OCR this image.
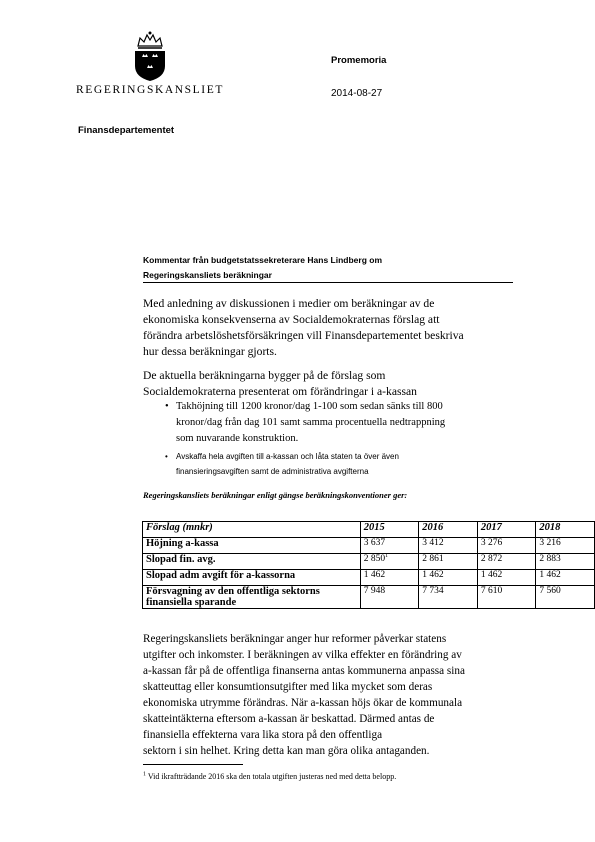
REGERINGSKANSLIET
Promemoria
2014-08-27
Finansdepartementet
Kommentar från budgetstatssekreterare Hans Lindberg om
Regeringskansliets beräkningar
Med anledning av diskussionen i medier om beräkningar av de
ekonomiska konsekvenserna av Socialdemokraternas förslag att
förändra arbetslöshetsförsäkringen vill Finansdepartementet beskriva
hur dessa beräkningar gjorts.
De aktuella beräkningarna bygger på de förslag som
Socialdemokraterna presenterat om förändringar i a-kassan
• Takhöjning till 1200 kronor/dag 1-100 som sedan sänks till 800
kronor/dag från dag 101 samt samma procentuella nedtrappning
som nuvarande konstruktion.
• Avskaffa hela avgiften till a-kassan och låta staten ta över även
finansieringsavgiften samt de administrativa avgifterna
Regeringskansliets beräkningar enligt gängse beräkningskonventioner ger:
Förslag (mnkr)	2015	2016	2017	2018
Höjning a-kassa	3 637	3 412	3 276	3 216
Slopad fin. avg.	2 $850^1$	2 861	2 872	2 883
Slopad adm avgift för a-kassorna	1 462	1 462	1 462	1 462

Försvagning av den offentliga sektorns
finansiella sparande	7 948	7 734	7 610	7 560
Regeringskansliets beräkningar anger hur reformer påverkar statens
utgifter och inkomster. I beräkningen av vilka effekter en förändring av
a-kassan får på de offentliga finanserna antas kommunerna anpassa sina
skatteuttag eller konsumtionsutgifter med lika mycket som deras
ekonomiska utrymme förändras. När a-kassan höjs ökar de kommunala
skatteintäkterna eftersom a-kassan är beskattad. Därmed antas de
finansiella effekterna vara lika stora på den offentliga
sektorn i sin helhet. Kring detta kan man göra olika antaganden.
$^1$ Vid ikraftträdande 2016 ska den totala utgiften justeras ned med detta belopp.
